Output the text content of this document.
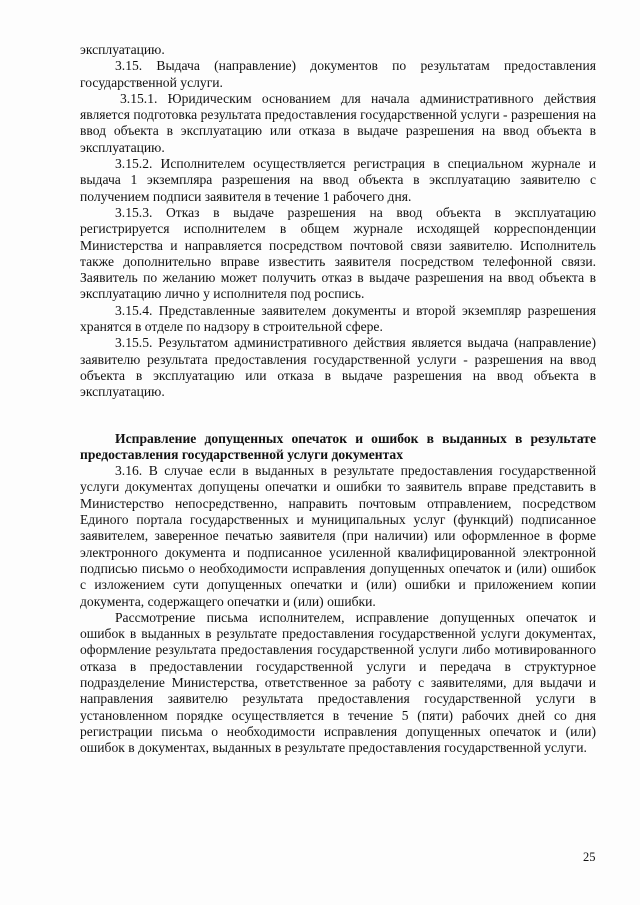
эксплуатацию.

3.15. Выдача (направление) документов по результатам предоставления государственной услуги.

3.15.1. Юридическим основанием для начала административного действия является подготовка результата предоставления государственной услуги - разрешения на ввод объекта в эксплуатацию или отказа в выдаче разрешения на ввод объекта в эксплуатацию.

3.15.2. Исполнителем осуществляется регистрация в специальном журнале и выдача 1 экземпляра разрешения на ввод объекта в эксплуатацию заявителю с получением подписи заявителя в течение 1 рабочего дня.

3.15.3. Отказ в выдаче разрешения на ввод объекта в эксплуатацию регистрируется исполнителем в общем журнале исходящей корреспонденции Министерства и направляется посредством почтовой связи заявителю. Исполнитель также дополнительно вправе известить заявителя посредством телефонной связи. Заявитель по желанию может получить отказ в выдаче разрешения на ввод объекта в эксплуатацию лично у исполнителя под роспись.

3.15.4. Представленные заявителем документы и второй экземпляр разрешения хранятся в отделе по надзору в строительной сфере.

3.15.5. Результатом административного действия является выдача (направление) заявителю результата предоставления государственной услуги - разрешения на ввод объекта в эксплуатацию или отказа в выдаче разрешения на ввод объекта в эксплуатацию.

Исправление допущенных опечаток и ошибок в выданных в результате предоставления государственной услуги документах

3.16. В случае если в выданных в результате предоставления государственной услуги документах допущены опечатки и ошибки то заявитель вправе представить в Министерство непосредственно, направить почтовым отправлением, посредством Единого портала государственных и муниципальных услуг (функций) подписанное заявителем, заверенное печатью заявителя (при наличии) или оформленное в форме электронного документа и подписанное усиленной квалифицированной электронной подписью письмо о необходимости исправления допущенных опечаток и (или) ошибок с изложением сути допущенных опечатки и (или) ошибки и приложением копии документа, содержащего опечатки и (или) ошибки.

Рассмотрение письма исполнителем, исправление допущенных опечаток и ошибок в выданных в результате предоставления государственной услуги документах, оформление результата предоставления государственной услуги либо мотивированного отказа в предоставлении государственной услуги и передача в структурное подразделение Министерства, ответственное за работу с заявителями, для выдачи и направления заявителю результата предоставления государственной услуги в установленном порядке осуществляется в течение 5 (пяти) рабочих дней со дня регистрации письма о необходимости исправления допущенных опечаток и (или) ошибок в документах, выданных в результате предоставления государственной услуги.

25
